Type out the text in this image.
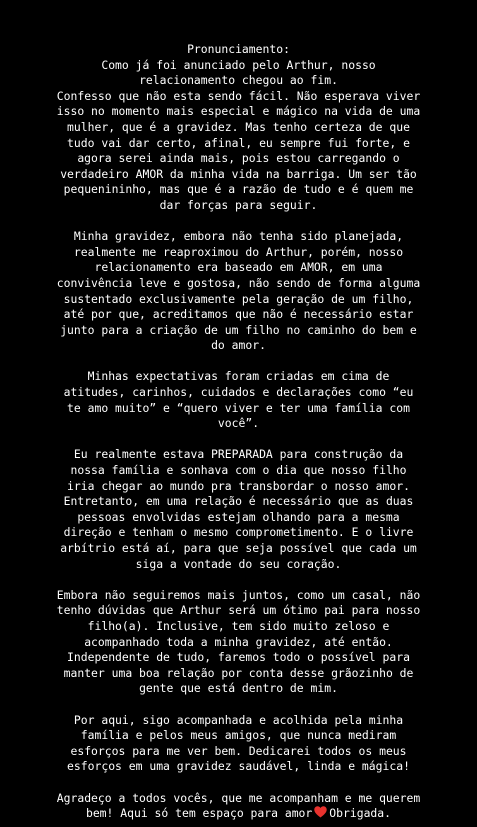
Pronunciamento:

Como já foi anunciado pelo Arthur, nosso
relacionamento chegou ao fim.
Confesso que não esta sendo fácil. Não esperava viver
isso no momento mais especial e mágico na vida de uma
mulher, que é a gravidez. Mas tenho certeza de que
tudo vai dar certo, afinal, eu sempre fui forte, e
agora serei ainda mais, pois estou carregando o
verdadeiro AMOR da minha vida na barriga. Um ser tão
pequenininho, mas que é a razão de tudo e é quem me
dar forças para seguir.

Minha gravidez, embora não tenha sido planejada,
realmente me reaproximou do Arthur, porém, nosso
relacionamento era baseado em AMOR, em uma
convivência leve e gostosa, não sendo de forma alguma
sustentado exclusivamente pela geração de um filho,
até por que, acreditamos que não é necessário estar
junto para a criação de um filho no caminho do bem e
do amor.

Minhas expectativas foram criadas em cima de
atitudes, carinhos, cuidados e declarações como “eu
te amo muito” e “quero viver e ter uma família com
você”.

Eu realmente estava PREPARADA para construção da
nossa família e sonhava com o dia que nosso filho
iria chegar ao mundo pra transbordar o nosso amor.
Entretanto, em uma relação é necessário que as duas
pessoas envolvidas estejam olhando para a mesma
direção e tenham o mesmo comprometimento. E o livre
arbítrio está aí, para que seja possível que cada um
siga a vontade do seu coração.

Embora não seguiremos mais juntos, como um casal, não
tenho dúvidas que Arthur será um ótimo pai para nosso
filho(a). Inclusive, tem sido muito zeloso e
acompanhado toda a minha gravidez, até então.
Independente de tudo, faremos todo o possível para
manter uma boa relação por conta desse grãozinho de
gente que está dentro de mim.

Por aqui, sigo acompanhada e acolhida pela minha
família e pelos meus amigos, que nunca mediram
esforços para me ver bem. Dedicarei todos os meus
esforços em uma gravidez saudável, linda e mágica!

Agradeço a todos vocês, que me acompanham e me querem
bem! Aqui só tem espaço para amor Obrigada.
